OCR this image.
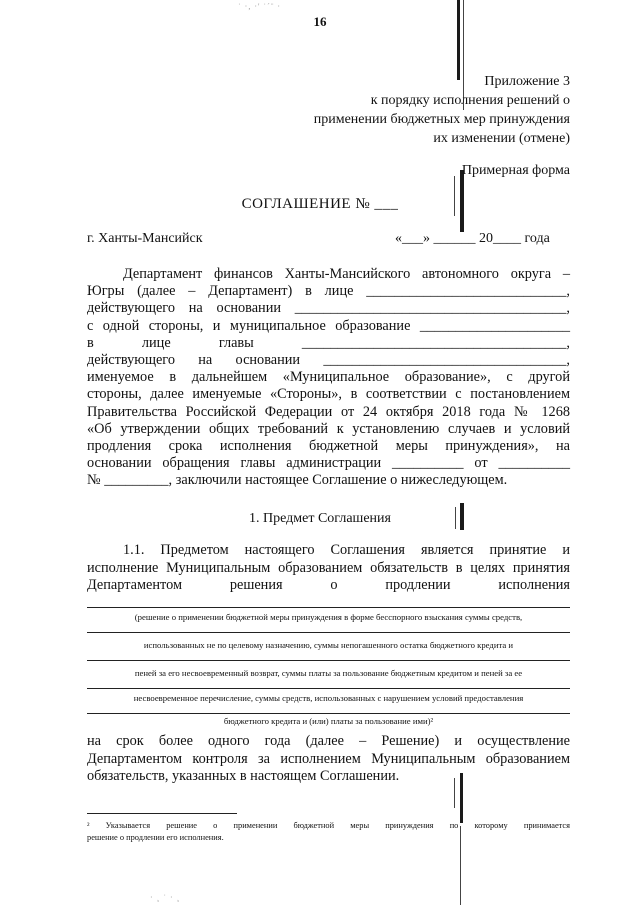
˙ ·, ·' ˙´¨ ·
· ¸ ˙ · ¸

16

Приложение 3

к порядку исполнения решений о

применении бюджетных мер принуждения

их изменении (отмене)

Примерная форма

СОГЛАШЕНИЕ № ___

г. Ханты-Мансийск	«___» ______ 20____ года

Департамент финансов Ханты-Мансийского автономного округа –

Югры (далее – Департамент) в лице ____________________________,

действующего на основании ______________________________________,

с одной стороны, и муниципальное образование _____________________

в лице главы _____________________________________,

действующего на основании __________________________________,

именуемое в дальнейшем «Муниципальное образование», с другой

стороны, далее именуемые «Стороны», в соответствии с постановлением

Правительства Российской Федерации от 24 октября 2018 года № 1268

«Об утверждении общих требований к установлению случаев и условий

продления срока исполнения бюджетной меры принуждения», на

основании обращения главы администрации __________ от __________

№ _________, заключили настоящее Соглашение о нижеследующем.

1. Предмет Соглашения

1.1. Предметом настоящего Соглашения является принятие и

исполнение Муниципальным образованием обязательств в целях принятия

Департаментом решения о продлении исполнения

(решение о применении бюджетной меры принуждения в форме бесспорного взыскания суммы средств,

использованных не по целевому назначению, суммы непогашенного остатка бюджетного кредита и

пеней за его несвоевременный возврат, суммы платы за пользование бюджетным кредитом и пеней за ее

несвоевременное перечисление, суммы средств, использованных с нарушением условий предоставления

бюджетного кредита и (или) платы за пользование ими)²

на срок более одного года (далее – Решение) и осуществление

Департаментом контроля за исполнением Муниципальным образованием

обязательств, указанных в настоящем Соглашении.

² Указывается решение о применении бюджетной меры принуждения по которому принимается

решение о продлении его исполнения.
